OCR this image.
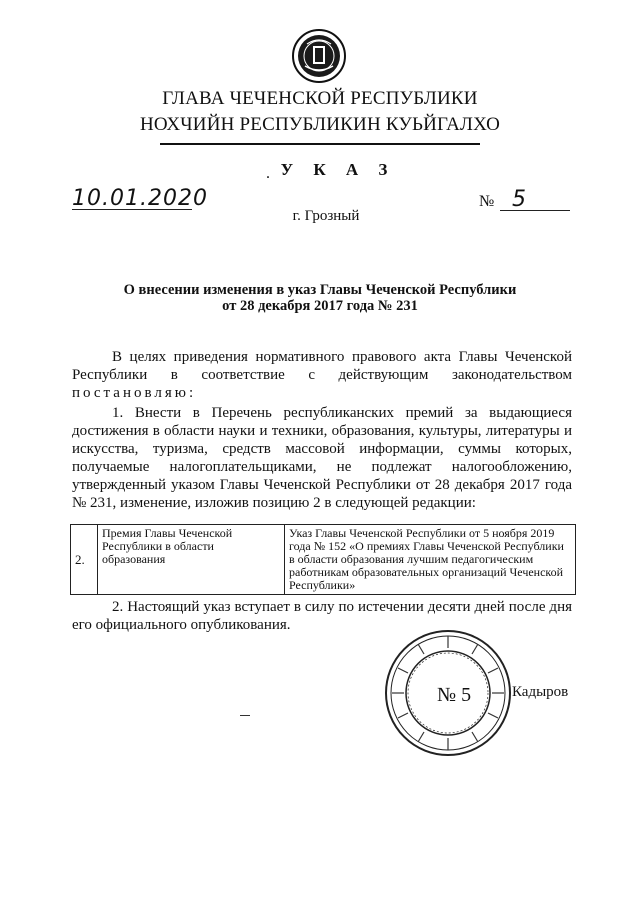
ГЛАВА ЧЕЧЕНСКОЙ РЕСПУБЛИКИ
НОХЧИЙН РЕСПУБЛИКИН КУЬЙГАЛХО
. У К А З
10.01.2020	№ 5
г. Грозный
О внесении изменения в указ Главы Чеченской Республики
от 28 декабря 2017 года № 231
В целях приведения нормативного правового акта Главы Чеченской Республики в соответствие с действующим законодательством постановляю:
1. Внести в Перечень республиканских премий за выдающиеся достижения в области науки и техники, образования, культуры, литературы и искусства, туризма, средств массовой информации, суммы которых, получаемые налогоплательщиками, не подлежат налогообложению, утвержденный указом Главы Чеченской Республики от 28 декабря 2017 года № 231, изменение, изложив позицию 2 в следующей редакции:
2.	Премия Главы Чеченской Республики в области образования	Указ Главы Чеченской Республики от 5 ноября 2019 года № 152 «О премиях Главы Чеченской Республики в области образования лучшим педагогическим работникам образовательных организаций Чеченской Республики»
2. Настоящий указ вступает в силу по истечении десяти дней после дня его официального опубликования.
№ 5	Кадыров
